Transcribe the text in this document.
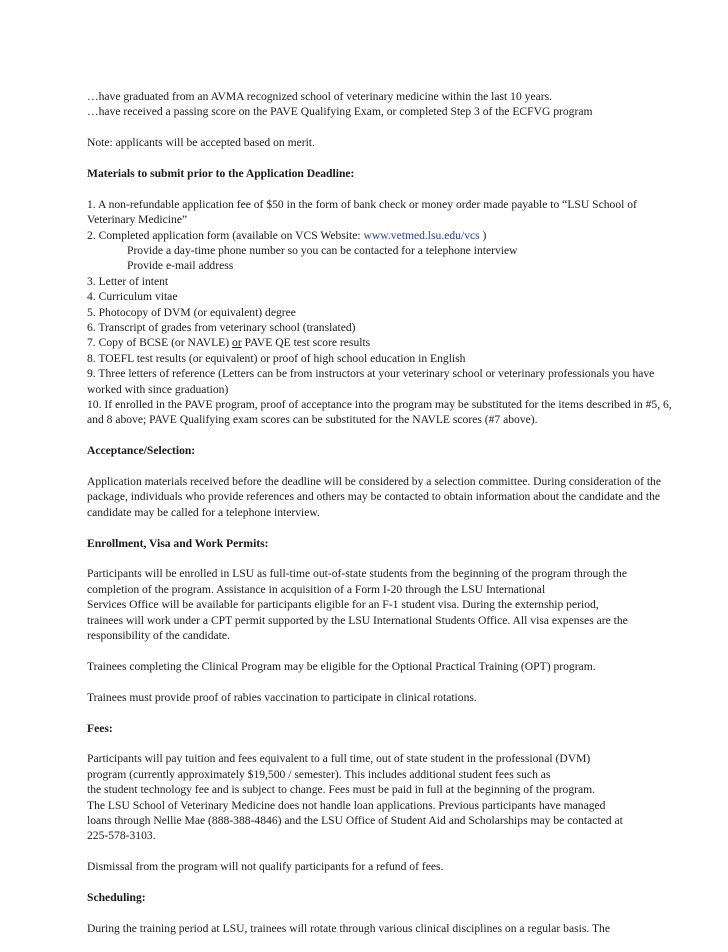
…have graduated from an AVMA recognized school of veterinary medicine within the last 10 years.
…have received a passing score on the PAVE Qualifying Exam, or completed Step 3 of the ECFVG program

Note: applicants will be accepted based on merit.

Materials to submit prior to the Application Deadline:

1. A non-refundable application fee of $50 in the form of bank check or money order made payable to “LSU School of Veterinary Medicine”
2. Completed application form (available on VCS Website: www.vetmed.lsu.edu/vcs )
Provide a day-time phone number so you can be contacted for a telephone interview
Provide e-mail address
3. Letter of intent
4. Curriculum vitae
5. Photocopy of DVM (or equivalent) degree
6. Transcript of grades from veterinary school (translated)
7. Copy of BCSE (or NAVLE) or PAVE QE test score results
8. TOEFL test results (or equivalent) or proof of high school education in English
9. Three letters of reference (Letters can be from instructors at your veterinary school or veterinary professionals you have worked with since graduation)
10. If enrolled in the PAVE program, proof of acceptance into the program may be substituted for the items described in #5, 6, and 8 above; PAVE Qualifying exam scores can be substituted for the NAVLE scores (#7 above).

Acceptance/Selection:

Application materials received before the deadline will be considered by a selection committee. During consideration of the package, individuals who provide references and others may be contacted to obtain information about the candidate and the candidate may be called for a telephone interview.

Enrollment, Visa and Work Permits:

Participants will be enrolled in LSU as full-time out-of-state students from the beginning of the program through the
completion of the program. Assistance in acquisition of a Form I-20 through the LSU International
Services Office will be available for participants eligible for an F-1 student visa. During the externship period,
trainees will work under a CPT permit supported by the LSU International Students Office. All visa expenses are the
responsibility of the candidate.

Trainees completing the Clinical Program may be eligible for the Optional Practical Training (OPT) program.

Trainees must provide proof of rabies vaccination to participate in clinical rotations.

Fees:

Participants will pay tuition and fees equivalent to a full time, out of state student in the professional (DVM)
program (currently approximately $19,500 / semester). This includes additional student fees such as
the student technology fee and is subject to change. Fees must be paid in full at the beginning of the program.
The LSU School of Veterinary Medicine does not handle loan applications. Previous participants have managed
loans through Nellie Mae (888-388-4846) and the LSU Office of Student Aid and Scholarships may be contacted at
225-578-3103.

Dismissal from the program will not qualify participants for a refund of fees.

Scheduling:

During the training period at LSU, trainees will rotate through various clinical disciplines on a regular basis. The
